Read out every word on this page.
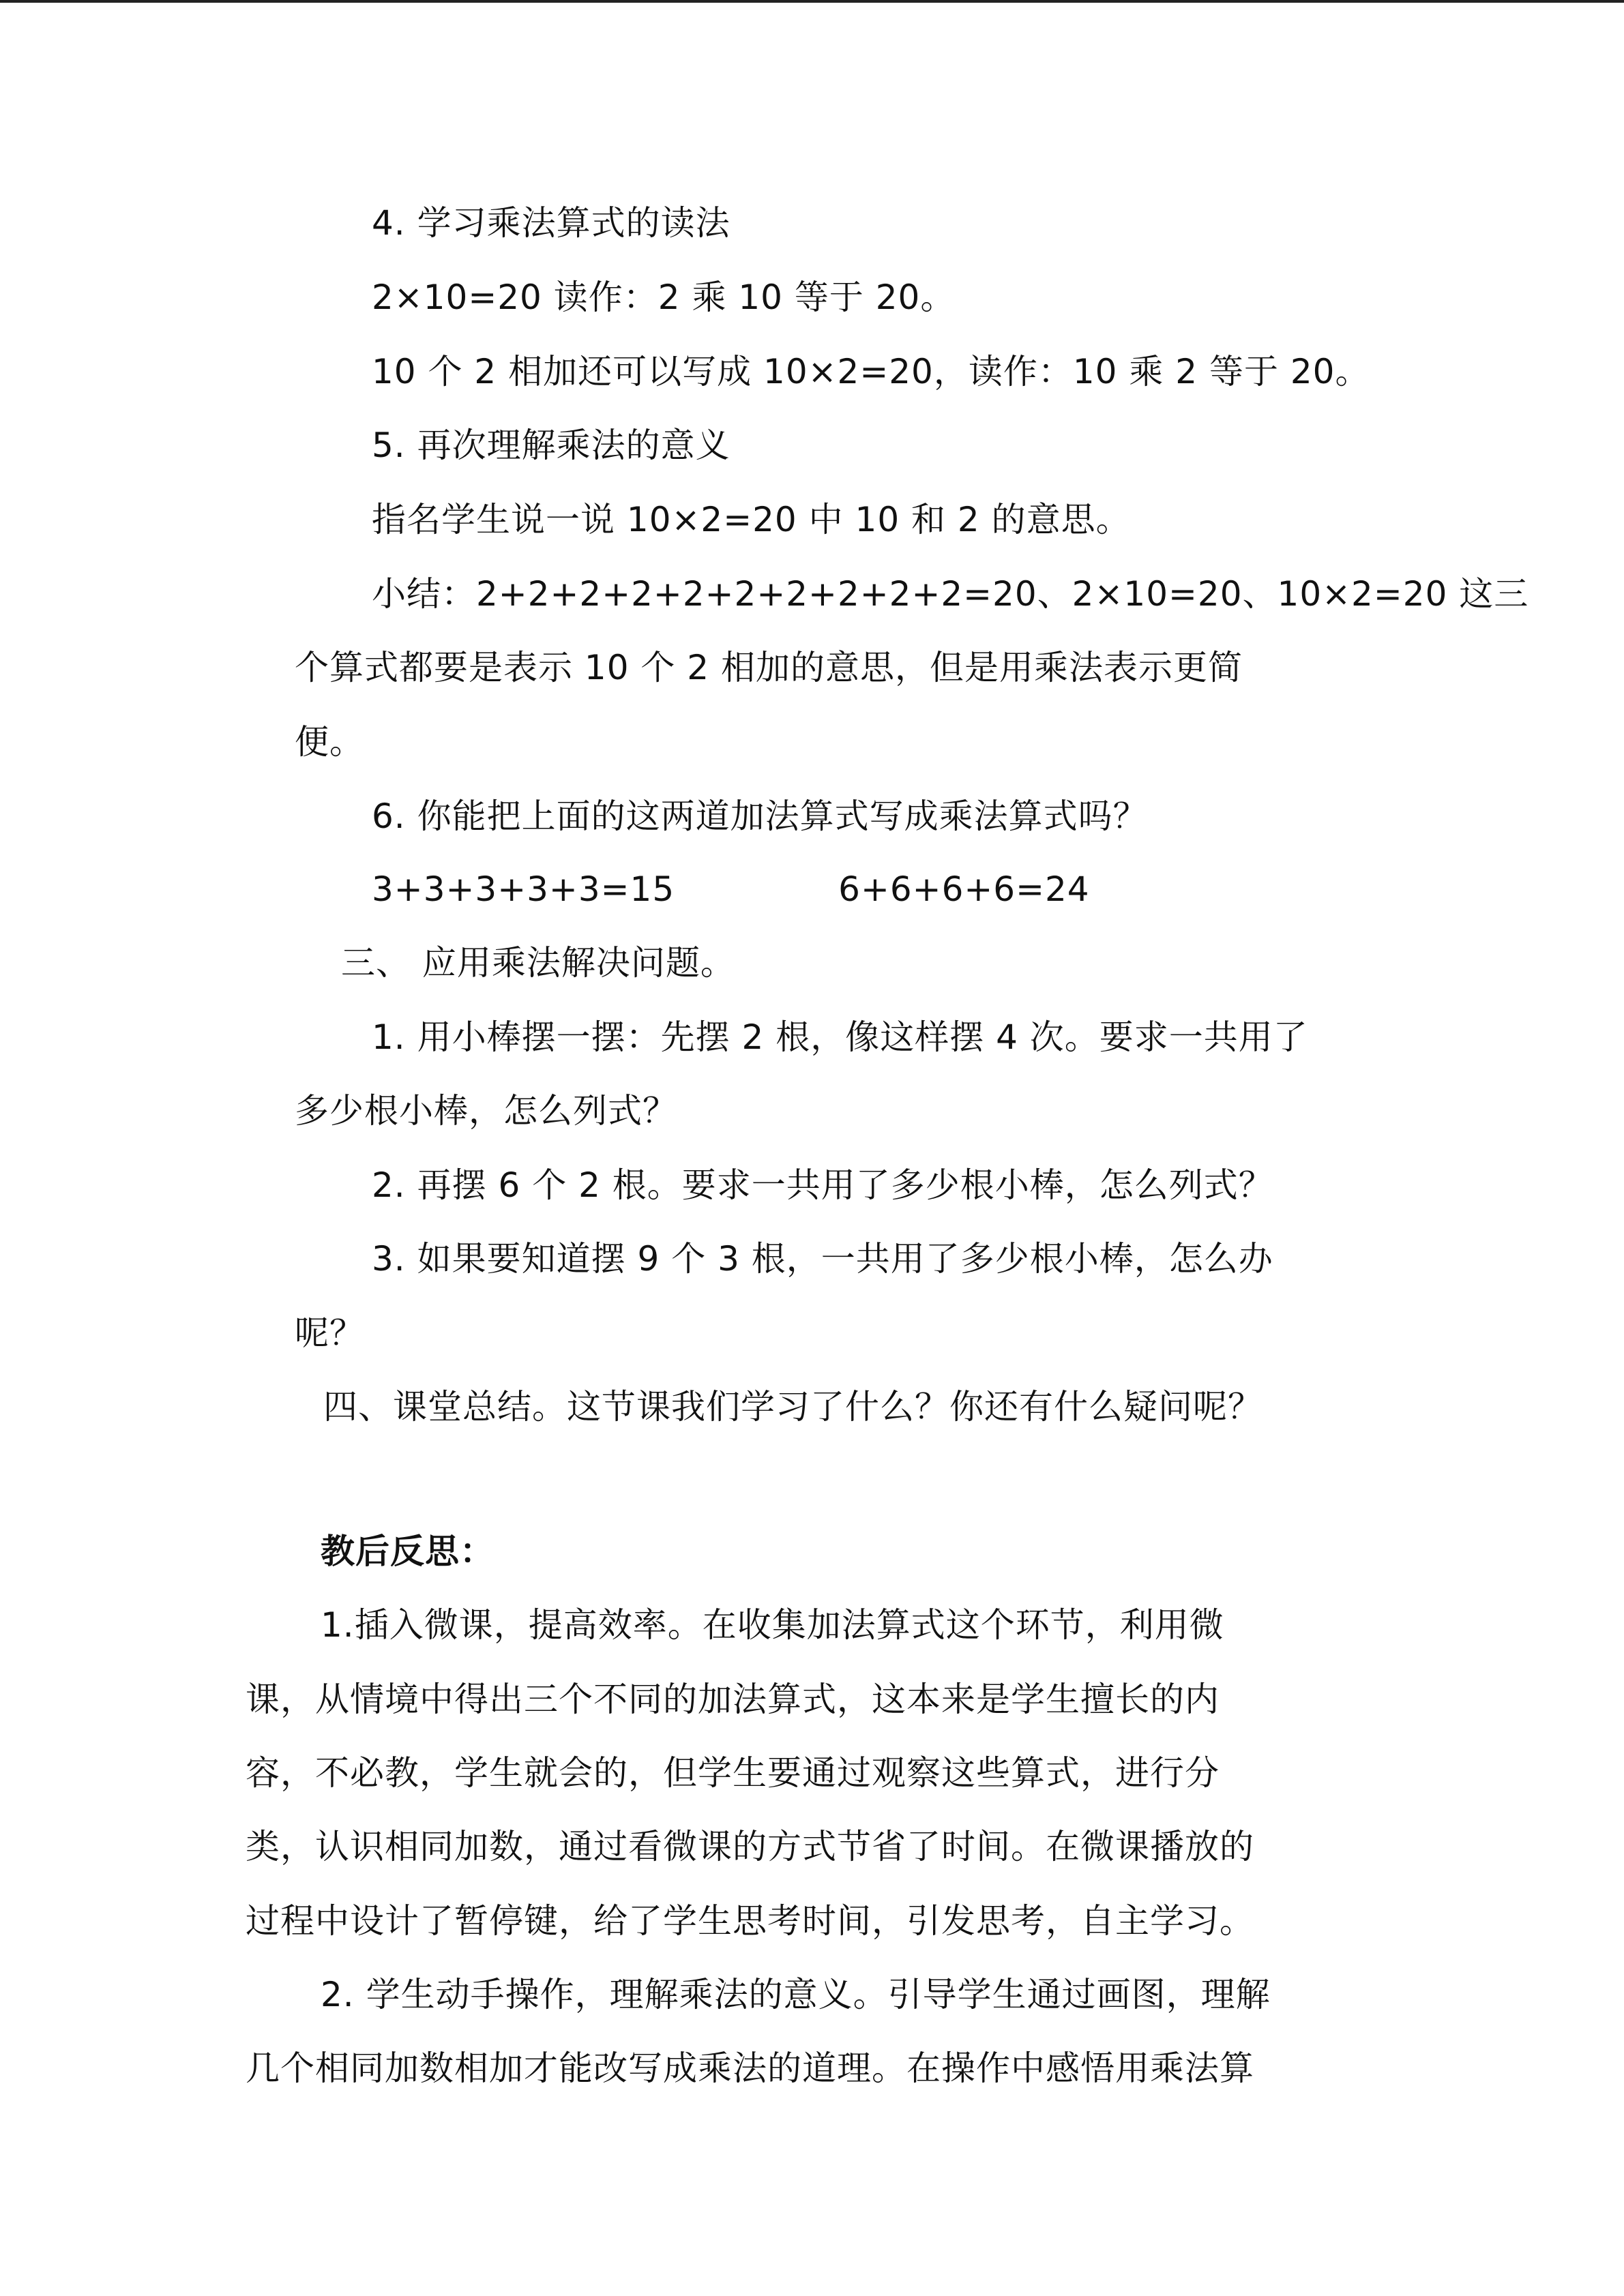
4. 学习乘法算式的读法
2×10=20 读作：2 乘 10 等于 20。
10 个 2 相加还可以写成 10×2=20，读作：10 乘 2 等于 20。
5. 再次理解乘法的意义
指名学生说一说 10×2=20 中 10 和 2 的意思。
小结：2+2+2+2+2+2+2+2+2+2=20、2×10=20、10×2=20 这三
个算式都要是表示 10 个 2 相加的意思，但是用乘法表示更简
便。
6. 你能把上面的这两道加法算式写成乘法算式吗？
3+3+3+3+3=15	6+6+6+6=24
三、 应用乘法解决问题。
1. 用小棒摆一摆：先摆 2 根，像这样摆 4 次。要求一共用了
多少根小棒，怎么列式？
2. 再摆 6 个 2 根。要求一共用了多少根小棒，怎么列式？
3. 如果要知道摆 9 个 3 根，一共用了多少根小棒，怎么办
呢？
四、课堂总结。这节课我们学习了什么？你还有什么疑问呢？
教后反思：
1.插入微课，提高效率。在收集加法算式这个环节，利用微
课，从情境中得出三个不同的加法算式，这本来是学生擅长的内
容，不必教，学生就会的，但学生要通过观察这些算式，进行分
类，认识相同加数，通过看微课的方式节省了时间。在微课播放的
过程中设计了暂停键，给了学生思考时间，引发思考，自主学习。
2. 学生动手操作，理解乘法的意义。引导学生通过画图，理解
几个相同加数相加才能改写成乘法的道理。在操作中感悟用乘法算
